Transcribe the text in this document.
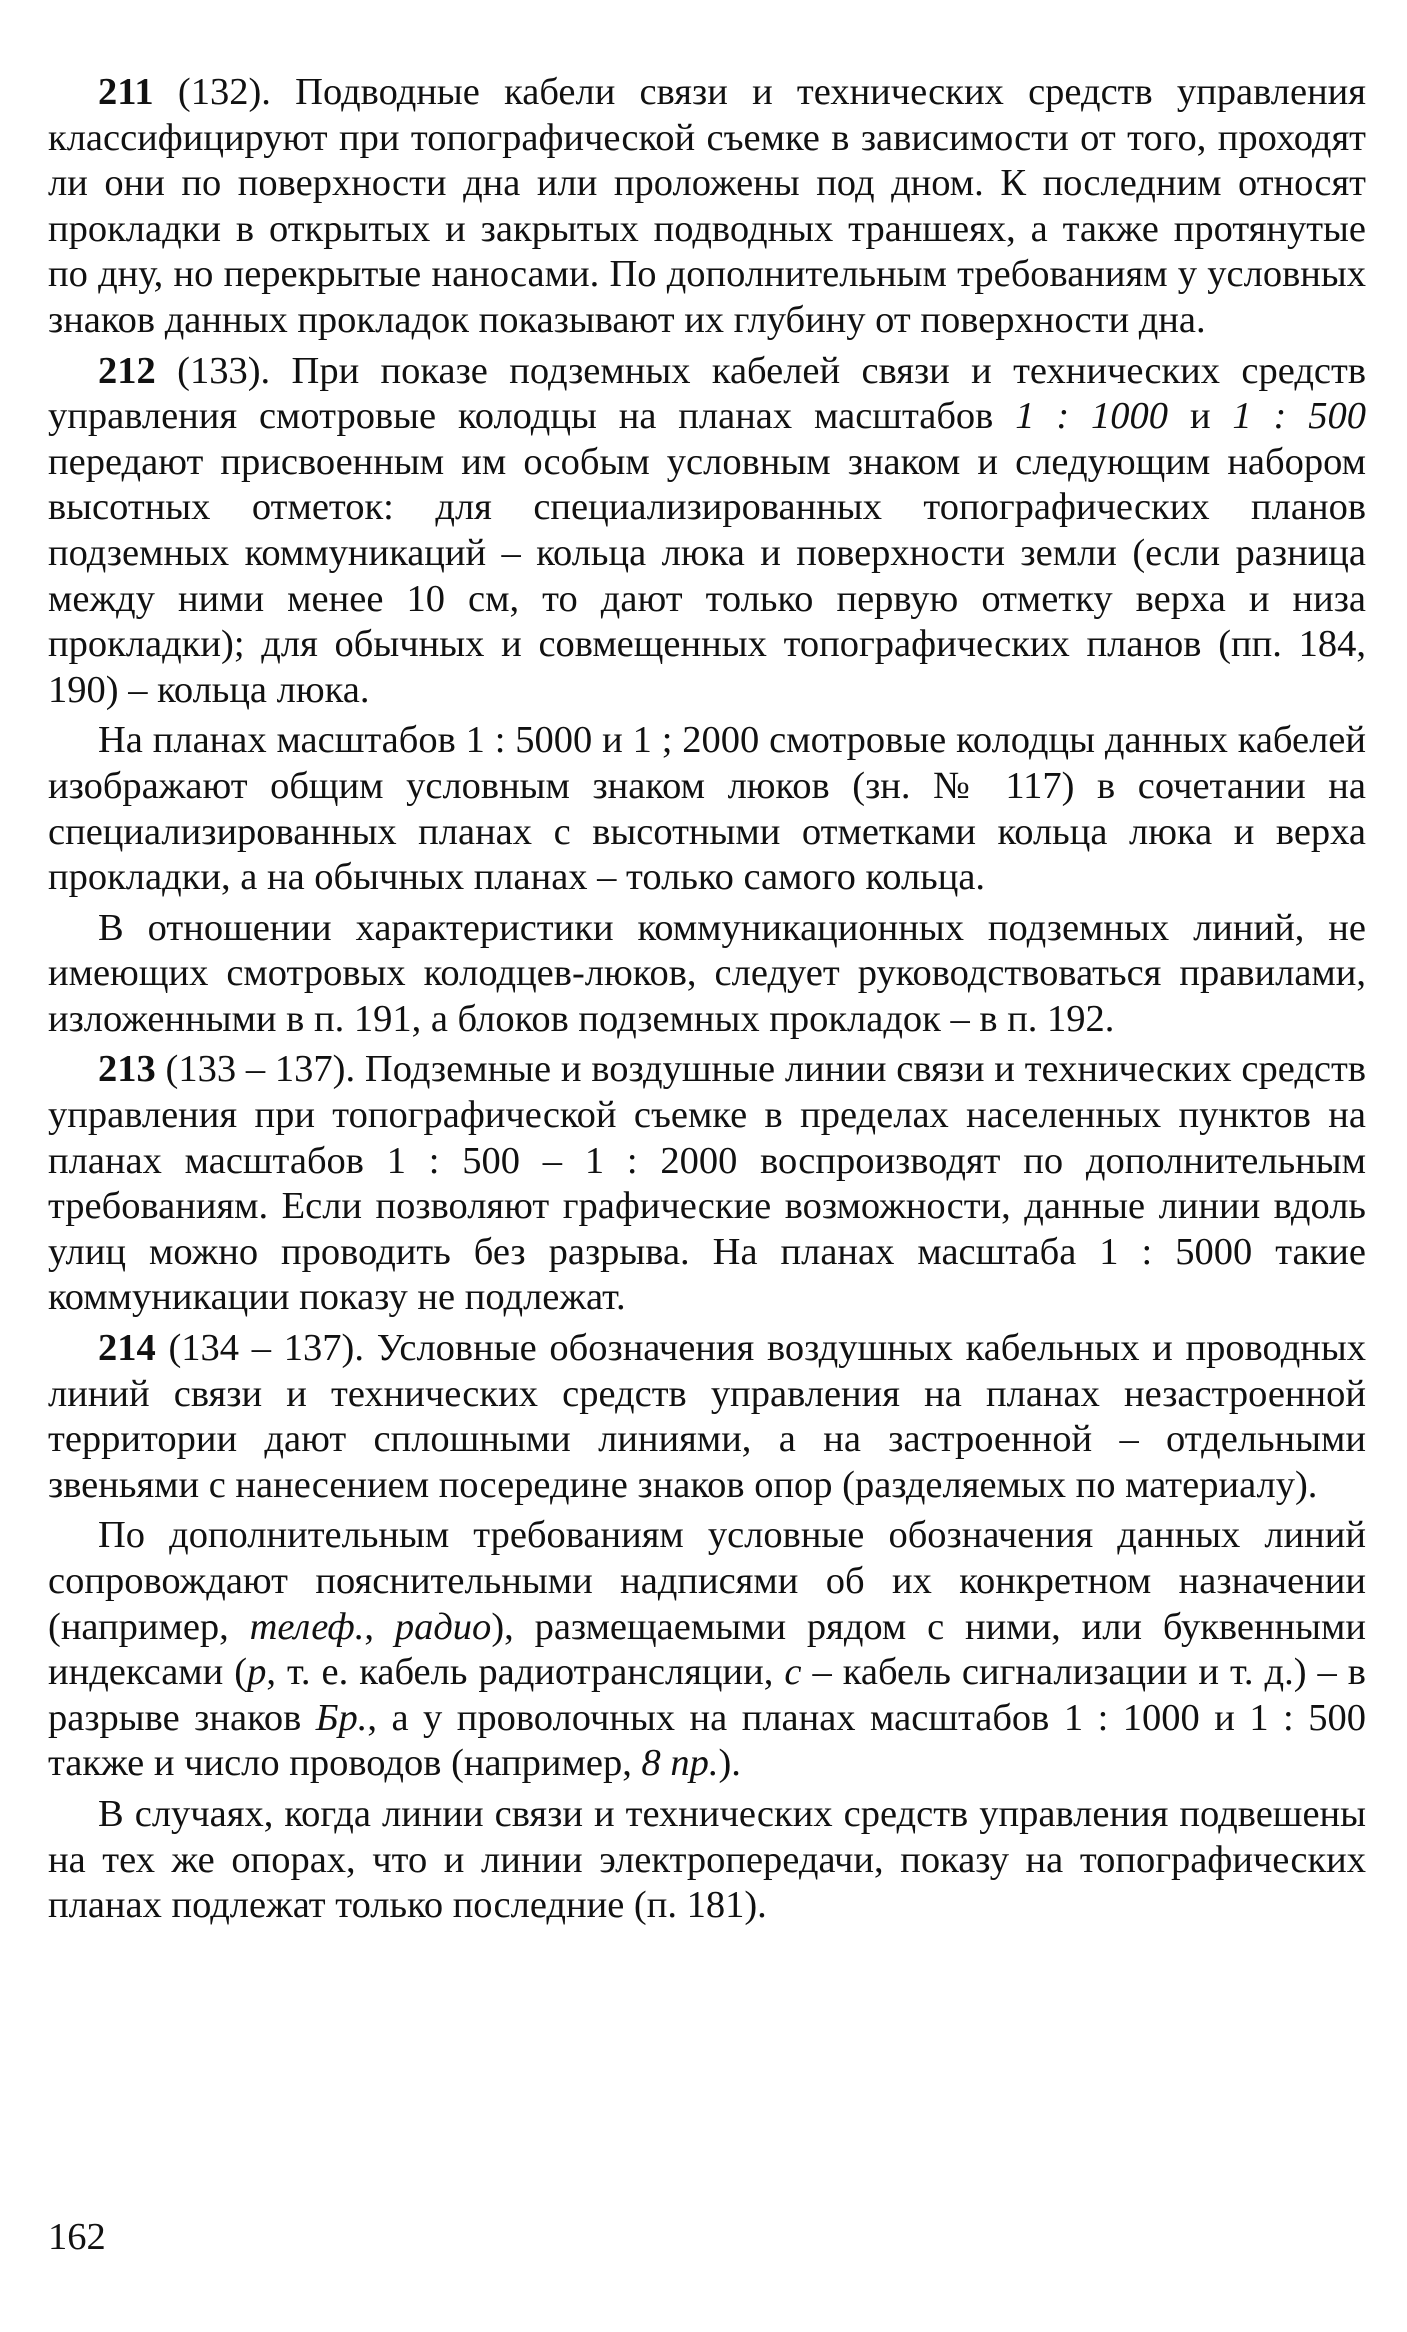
211 (132). Подводные кабели связи и технических средств управления классифицируют при топографической съемке в зависимости от того, проходят ли они по поверхности дна или проложены под дном. К последним относят прокладки в открытых и закрытых подводных траншеях, а также протянутые по дну, но перекрытые наносами. По дополнительным требованиям у условных знаков данных прокладок показывают их глубину от поверхности дна.

212 (133). При показе подземных кабелей связи и технических средств управления смотровые колодцы на планах масштабов 1 : 1000 и 1 : 500 передают присвоенным им особым условным знаком и следующим набором высотных отметок: для специализированных топографических планов подземных коммуникаций – кольца люка и поверхности земли (если разница между ними менее 10 см, то дают только первую отметку верха и низа прокладки); для обычных и совмещенных топографических планов (пп. 184, 190) – кольца люка.

На планах масштабов 1 : 5000 и 1 ; 2000 смотровые колодцы данных кабелей изображают общим условным знаком люков (зн. № 117) в сочетании на специализированных планах с высотными отметками кольца люка и верха прокладки, а на обычных планах – только самого кольца.

В отношении характеристики коммуникационных подземных линий, не имеющих смотровых колодцев-люков, следует руководствоваться правилами, изложенными в п. 191, а блоков подземных прокладок – в п. 192.

213 (133 – 137). Подземные и воздушные линии связи и технических средств управления при топографической съемке в пределах населенных пунктов на планах масштабов 1 : 500 – 1 : 2000 воспроизводят по дополнительным требованиям. Если позволяют графические возможности, данные линии вдоль улиц можно проводить без разрыва. На планах масштаба 1 : 5000 такие коммуникации показу не подлежат.

214 (134 – 137). Условные обозначения воздушных кабельных и проводных линий связи и технических средств управления на планах незастроенной территории дают сплошными линиями, а на застроенной – отдельными звеньями с нанесением посередине знаков опор (разделяемых по материалу).

По дополнительным требованиям условные обозначения данных линий сопровождают пояснительными надписями об их конкретном назначении (например, телеф., радио), размещаемыми рядом с ними, или буквенными индексами (р, т. е. кабель радиотрансляции, с – кабель сигнализации и т. д.) – в разрыве знаков Бр., а у проволочных на планах масштабов 1 : 1000 и 1 : 500 также и число проводов (например, 8 пр.).

В случаях, когда линии связи и технических средств управления подвешены на тех же опорах, что и линии электропередачи, показу на топографических планах подлежат только последние (п. 181).

162
